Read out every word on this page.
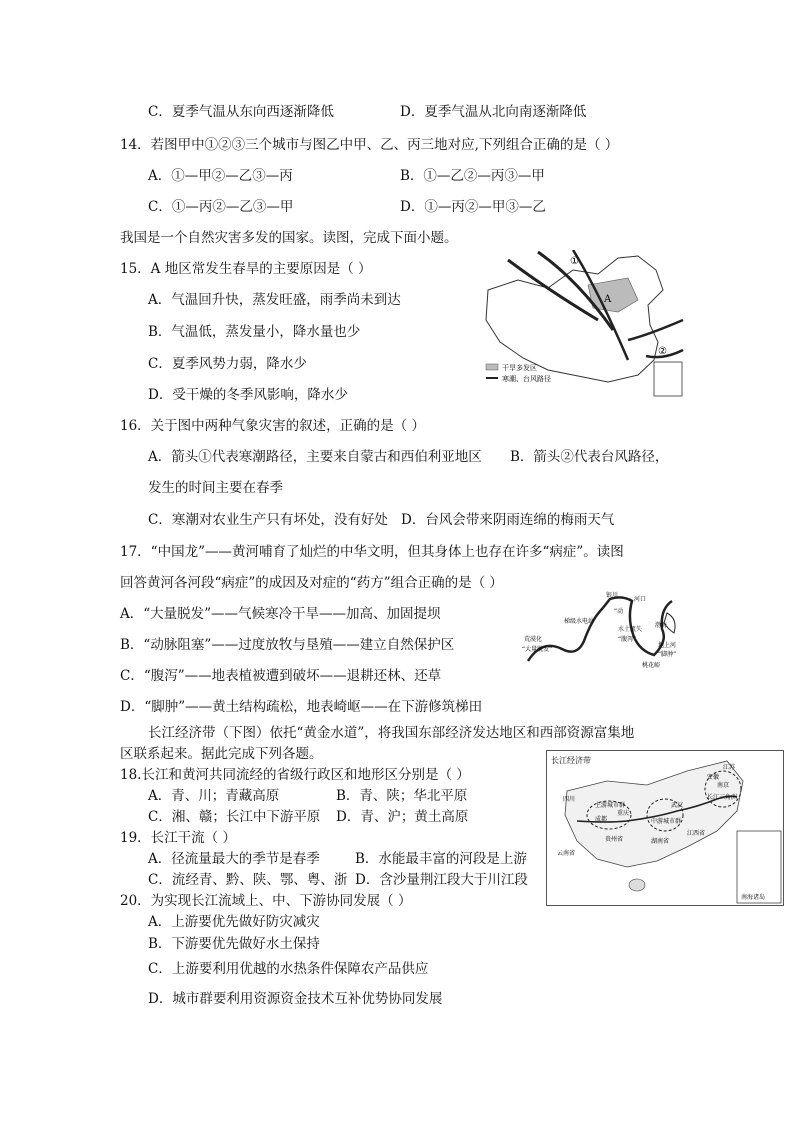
C．夏季气温从东向西逐渐降低	D．夏季气温从北向南逐渐降低
14．若图甲中①②③三个城市与图乙中甲、乙、丙三地对应,下列组合正确的是（ ）
A．①—甲②—乙③—丙	B．①—乙②—丙③—甲
C．①—丙②—乙③—甲	D．①—丙②—甲③—乙
我国是一个自然灾害多发的国家。读图，完成下面小题。
15．A 地区常发生春旱的主要原因是（ ）
A．气温回升快，蒸发旺盛，雨季尚未到达
B．气温低，蒸发量小，降水量也少
C．夏季风势力弱，降水少
D．受干燥的冬季风影响，降水少
A
①
②
干旱多发区
寒潮、台风路径
16．关于图中两种气象灾害的叙述，正确的是（ ）
A．箭头①代表寒潮路径，主要来自蒙古和西伯利亚地区 B．箭头②代表台风路径，
发生的时间主要在春季
C．寒潮对农业生产只有坏处，没有好处 D．台风会带来阴雨连绵的梅雨天气
17．“中国龙”——黄河哺育了灿烂的中华文明，但其身体上也存在许多“病症”。读图
回答黄河各河段“病症”的成因及对症的“药方”组合正确的是（ ）
A．“大量脱发”——气候寒冷干旱——加高、加固提坝
B．“动脉阻塞”——过度放牧与垦殖——建立自然保护区
C．“腹泻”——地表植被遭到破坏——退耕还林、还草
D．“脚肿”——黄土结构疏松，地表崎岖——在下游修筑梯田
银川
河口
渤海
“动
梯级水电站
水土流失
“腹泻”
荒漠化
“大量脱发”
桃花峪
地上河
“脚肿”
长江经济带（下图）依托“黄金水道”，将我国东部经济发达地区和西部资源富集地
区联系起来。据此完成下列各题。
18.长江和黄河共同流经的省级行政区和地形区分别是（ ）
A．青、川；青藏高原	B．青、陕；华北平原
C．湘、赣；长江中下游平原 D．青、沪；黄土高原
19．长江干流（ ）
A．径流量最大的季节是春季	B．水能最丰富的河段是上游
C．流经青、黔、陕、鄂、粤、浙 D．含沙量荆江段大于川江段
长江经济带
四川
上游城市群
成都
重庆
武汉
中游城市群
江苏
安徽
南京
长江三角洲
贵州省	湖南省
江西省
云南省
南海诸岛
20．为实现长江流域上、中、下游协同发展（ ）
A．上游要优先做好防灾减灾
B．下游要优先做好水土保持
C．上游要利用优越的水热条件保障农产品供应
D．城市群要利用资源资金技术互补优势协同发展
